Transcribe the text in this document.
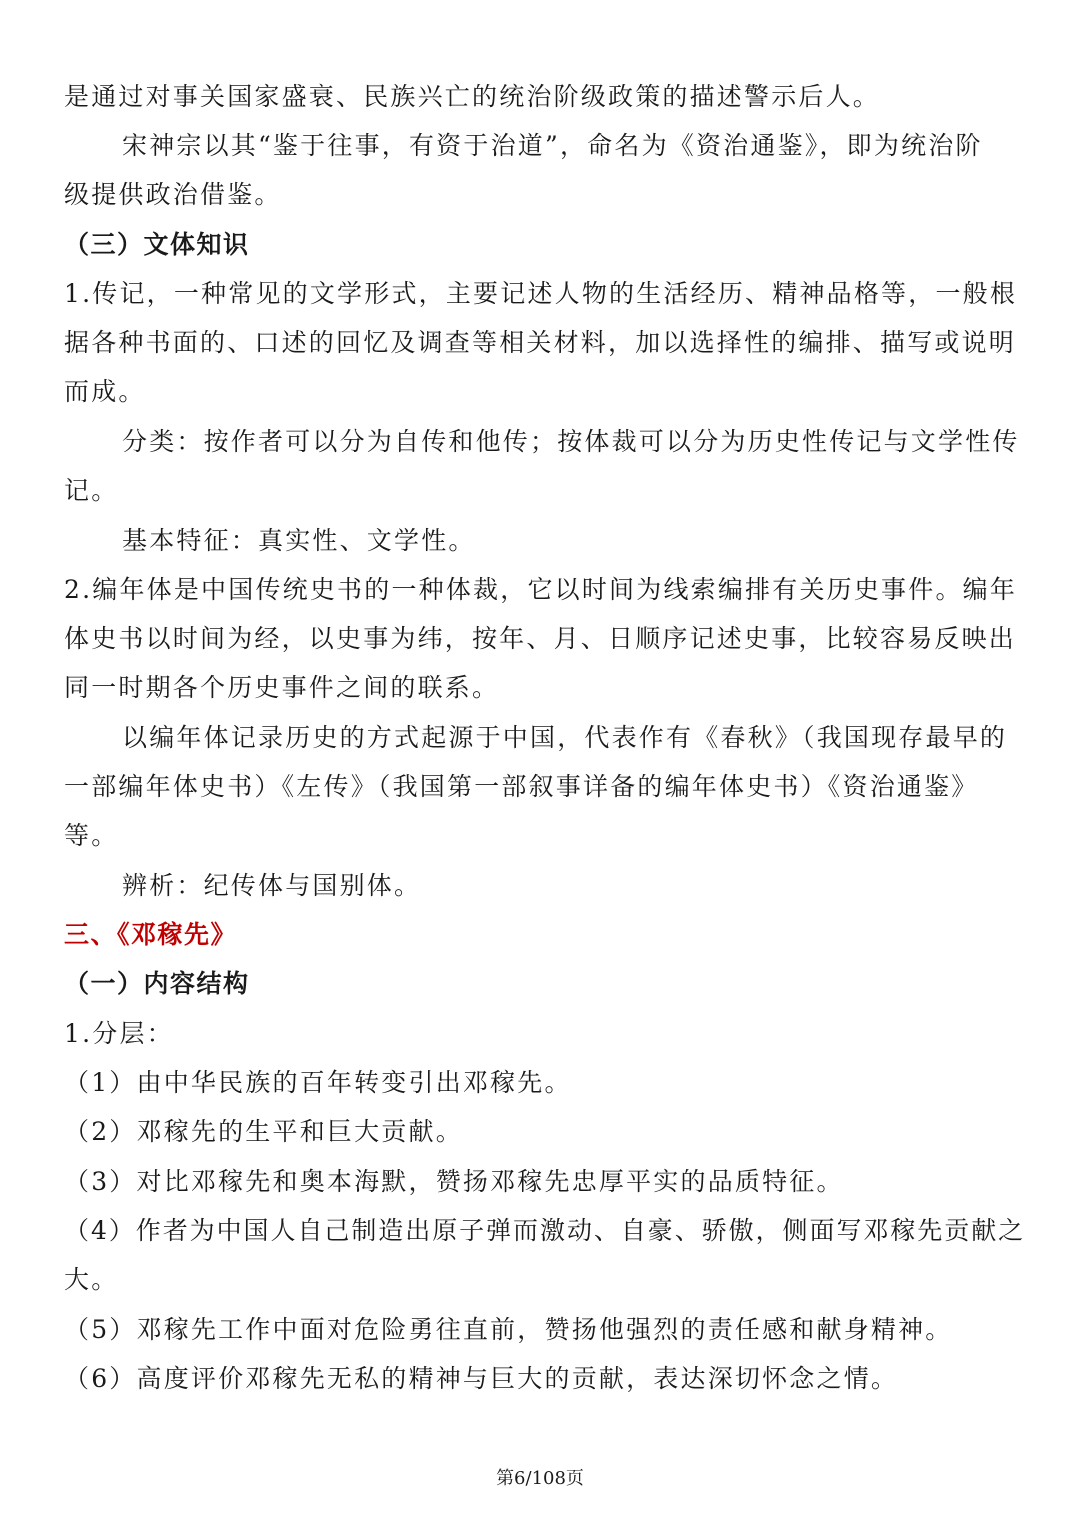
是通过对事关国家盛衰、民族兴亡的统治阶级政策的描述警示后人。
宋神宗以其“鉴于往事，有资于治道”，命名为《资治通鉴》，即为统治阶
级提供政治借鉴。
（三）文体知识
1.传记，一种常见的文学形式，主要记述人物的生活经历、精神品格等，一般根
据各种书面的、口述的回忆及调查等相关材料，加以选择性的编排、描写或说明
而成。
分类：按作者可以分为自传和他传；按体裁可以分为历史性传记与文学性传
记。
基本特征：真实性、文学性。
2.编年体是中国传统史书的一种体裁，它以时间为线索编排有关历史事件。编年
体史书以时间为经，以史事为纬，按年、月、日顺序记述史事，比较容易反映出
同一时期各个历史事件之间的联系。
以编年体记录历史的方式起源于中国，代表作有《春秋》（我国现存最早的
一部编年体史书）《左传》（我国第一部叙事详备的编年体史书）《资治通鉴》
等。
辨析：纪传体与国别体。
三、《邓稼先》
（一）内容结构
1.分层：
（1）由中华民族的百年转变引出邓稼先。
（2）邓稼先的生平和巨大贡献。
（3）对比邓稼先和奥本海默，赞扬邓稼先忠厚平实的品质特征。
（4）作者为中国人自己制造出原子弹而激动、自豪、骄傲，侧面写邓稼先贡献之
大。
（5）邓稼先工作中面对危险勇往直前，赞扬他强烈的责任感和献身精神。
（6）高度评价邓稼先无私的精神与巨大的贡献，表达深切怀念之情。
第6/108页
